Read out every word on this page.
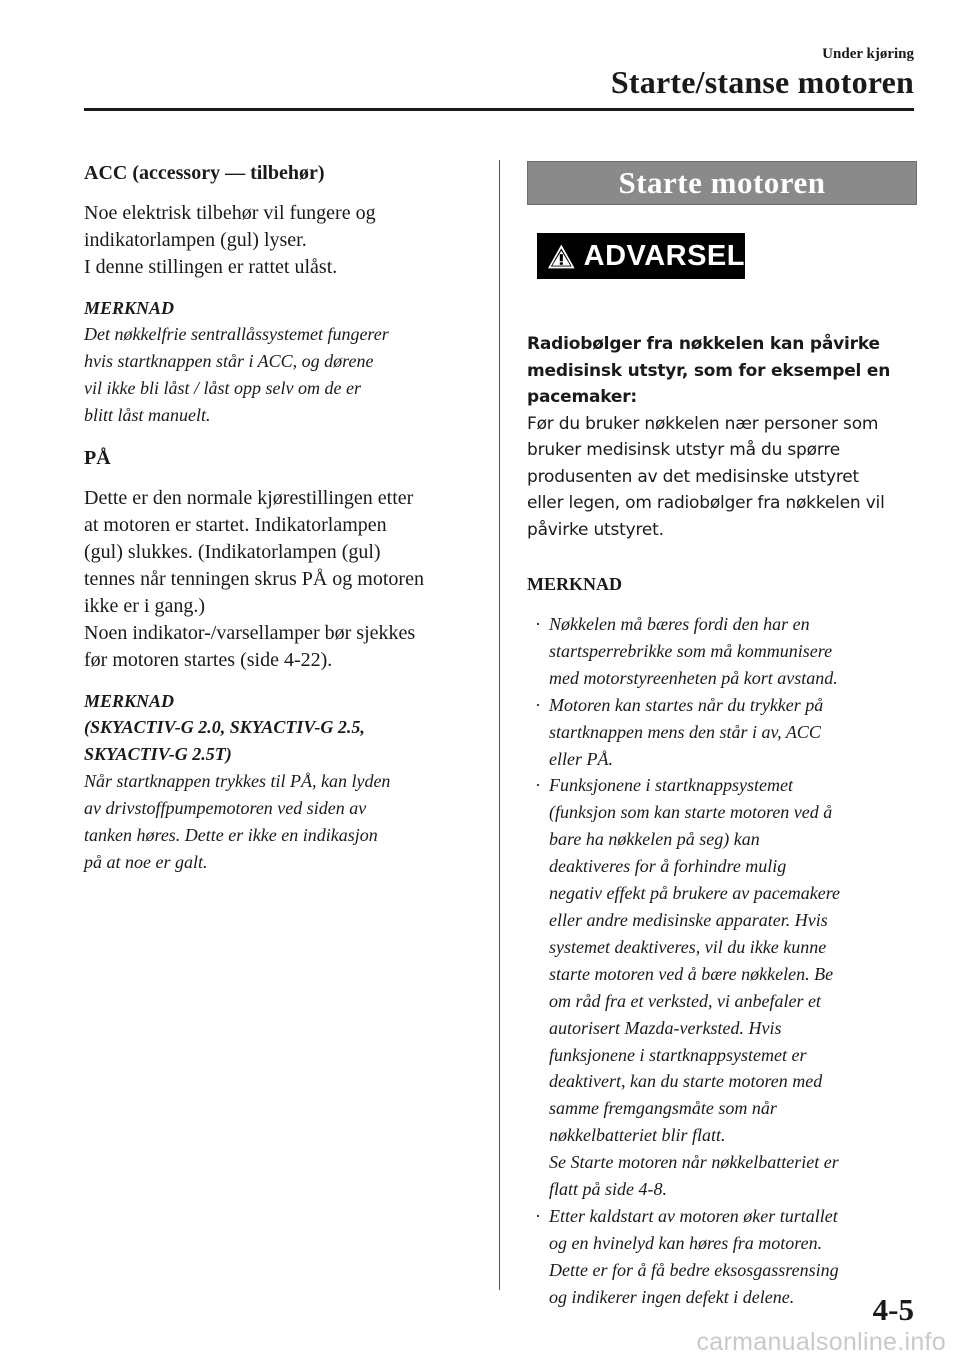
Under kjøring
Starte/stanse motoren
ACC (accessory — tilbehør)
Noe elektrisk tilbehør vil fungere og
indikatorlampen (gul) lyser.
I denne stillingen er rattet ulåst.
MERKNAD
Det nøkkelfrie sentrallåssystemet fungerer
hvis startknappen står i ACC, og dørene
vil ikke bli låst / låst opp selv om de er
blitt låst manuelt.
PÅ
Dette er den normale kjørestillingen etter
at motoren er startet. Indikatorlampen
(gul) slukkes. (Indikatorlampen (gul)
tennes når tenningen skrus PÅ og motoren
ikke er i gang.)
Noen indikator-/varsellamper bør sjekkes
før motoren startes (side 4-22).
MERKNAD
(SKYACTIV-G 2.0, SKYACTIV-G 2.5,
SKYACTIV-G 2.5T)
Når startknappen trykkes til PÅ, kan lyden
av drivstoffpumpemotoren ved siden av
tanken høres. Dette er ikke en indikasjon
på at noe er galt.
Starte motoren
ADVARSEL
Radiobølger fra nøkkelen kan påvirke
medisinsk utstyr, som for eksempel en
pacemaker:
Før du bruker nøkkelen nær personer som
bruker medisinsk utstyr må du spørre
produsenten av det medisinske utstyret
eller legen, om radiobølger fra nøkkelen vil
påvirke utstyret.
MERKNAD
· Nøkkelen må bæres fordi den har en
startsperrebrikke som må kommunisere
med motorstyreenheten på kort avstand.
· Motoren kan startes når du trykker på
startknappen mens den står i av, ACC
eller PÅ.
· Funksjonene i startknappsystemet
(funksjon som kan starte motoren ved å
bare ha nøkkelen på seg) kan
deaktiveres for å forhindre mulig
negativ effekt på brukere av pacemakere
eller andre medisinske apparater. Hvis
systemet deaktiveres, vil du ikke kunne
starte motoren ved å bære nøkkelen. Be
om råd fra et verksted, vi anbefaler et
autorisert Mazda-verksted. Hvis
funksjonene i startknappsystemet er
deaktivert, kan du starte motoren med
samme fremgangsmåte som når
nøkkelbatteriet blir flatt.
Se Starte motoren når nøkkelbatteriet er
flatt på side 4-8.
· Etter kaldstart av motoren øker turtallet
og en hvinelyd kan høres fra motoren.
Dette er for å få bedre eksosgassrensing
og indikerer ingen defekt i delene.	4-5
carmanualsonline.info
